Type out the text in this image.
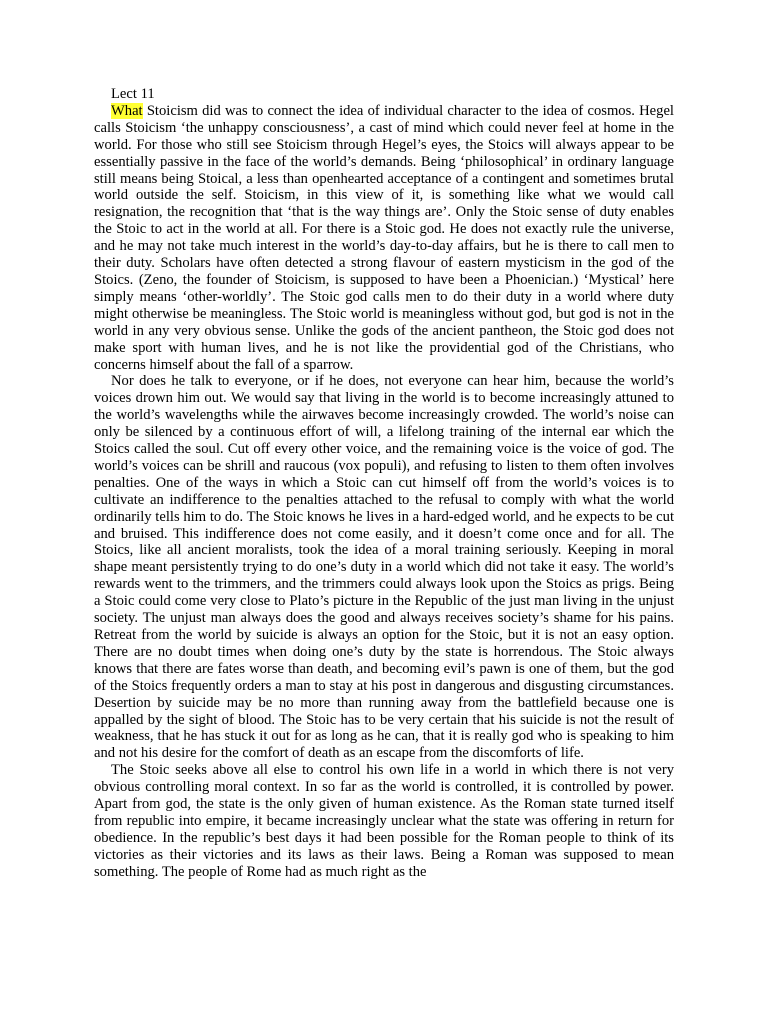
Lect 11

What Stoicism did was to connect the idea of individual character to the idea of cosmos. Hegel calls Stoicism ‘the unhappy consciousness’, a cast of mind which could never feel at home in the world. For those who still see Stoicism through Hegel’s eyes, the Stoics will always appear to be essentially passive in the face of the world’s demands. Being ‘philosophical’ in ordinary language still means being Stoical, a less than openhearted acceptance of a contingent and sometimes brutal world outside the self. Stoicism, in this view of it, is something like what we would call resignation, the recognition that ‘that is the way things are’. Only the Stoic sense of duty enables the Stoic to act in the world at all. For there is a Stoic god. He does not exactly rule the universe, and he may not take much interest in the world’s day-to-day affairs, but he is there to call men to their duty. Scholars have often detected a strong flavour of eastern mysticism in the god of the Stoics. (Zeno, the founder of Stoicism, is supposed to have been a Phoenician.) ‘Mystical’ here simply means ‘other-worldly’. The Stoic god calls men to do their duty in a world where duty might otherwise be meaningless. The Stoic world is meaningless without god, but god is not in the world in any very obvious sense. Unlike the gods of the ancient pantheon, the Stoic god does not make sport with human lives, and he is not like the providential god of the Christians, who concerns himself about the fall of a sparrow.

Nor does he talk to everyone, or if he does, not everyone can hear him, because the world’s voices drown him out. We would say that living in the world is to become increasingly attuned to the world’s wavelengths while the airwaves become increasingly crowded. The world’s noise can only be silenced by a continuous effort of will, a lifelong training of the internal ear which the Stoics called the soul. Cut off every other voice, and the remaining voice is the voice of god. The world’s voices can be shrill and raucous (vox populi), and refusing to listen to them often involves penalties. One of the ways in which a Stoic can cut himself off from the world’s voices is to cultivate an indifference to the penalties attached to the refusal to comply with what the world ordinarily tells him to do. The Stoic knows he lives in a hard-edged world, and he expects to be cut and bruised. This indifference does not come easily, and it doesn’t come once and for all. The Stoics, like all ancient moralists, took the idea of a moral training seriously. Keeping in moral shape meant persistently trying to do one’s duty in a world which did not take it easy. The world’s rewards went to the trimmers, and the trimmers could always look upon the Stoics as prigs. Being a Stoic could come very close to Plato’s picture in the Republic of the just man living in the unjust society. The unjust man always does the good and always receives society’s shame for his pains. Retreat from the world by suicide is always an option for the Stoic, but it is not an easy option. There are no doubt times when doing one’s duty by the state is horrendous. The Stoic always knows that there are fates worse than death, and becoming evil’s pawn is one of them, but the god of the Stoics frequently orders a man to stay at his post in dangerous and disgusting circumstances. Desertion by suicide may be no more than running away from the battlefield because one is appalled by the sight of blood. The Stoic has to be very certain that his suicide is not the result of weakness, that he has stuck it out for as long as he can, that it is really god who is speaking to him and not his desire for the comfort of death as an escape from the discomforts of life.

The Stoic seeks above all else to control his own life in a world in which there is not very obvious controlling moral context. In so far as the world is controlled, it is controlled by power. Apart from god, the state is the only given of human existence. As the Roman state turned itself from republic into empire, it became increasingly unclear what the state was offering in return for obedience. In the republic’s best days it had been possible for the Roman people to think of its victories as their victories and its laws as their laws. Being a Roman was supposed to mean something. The people of Rome had as much right as the
